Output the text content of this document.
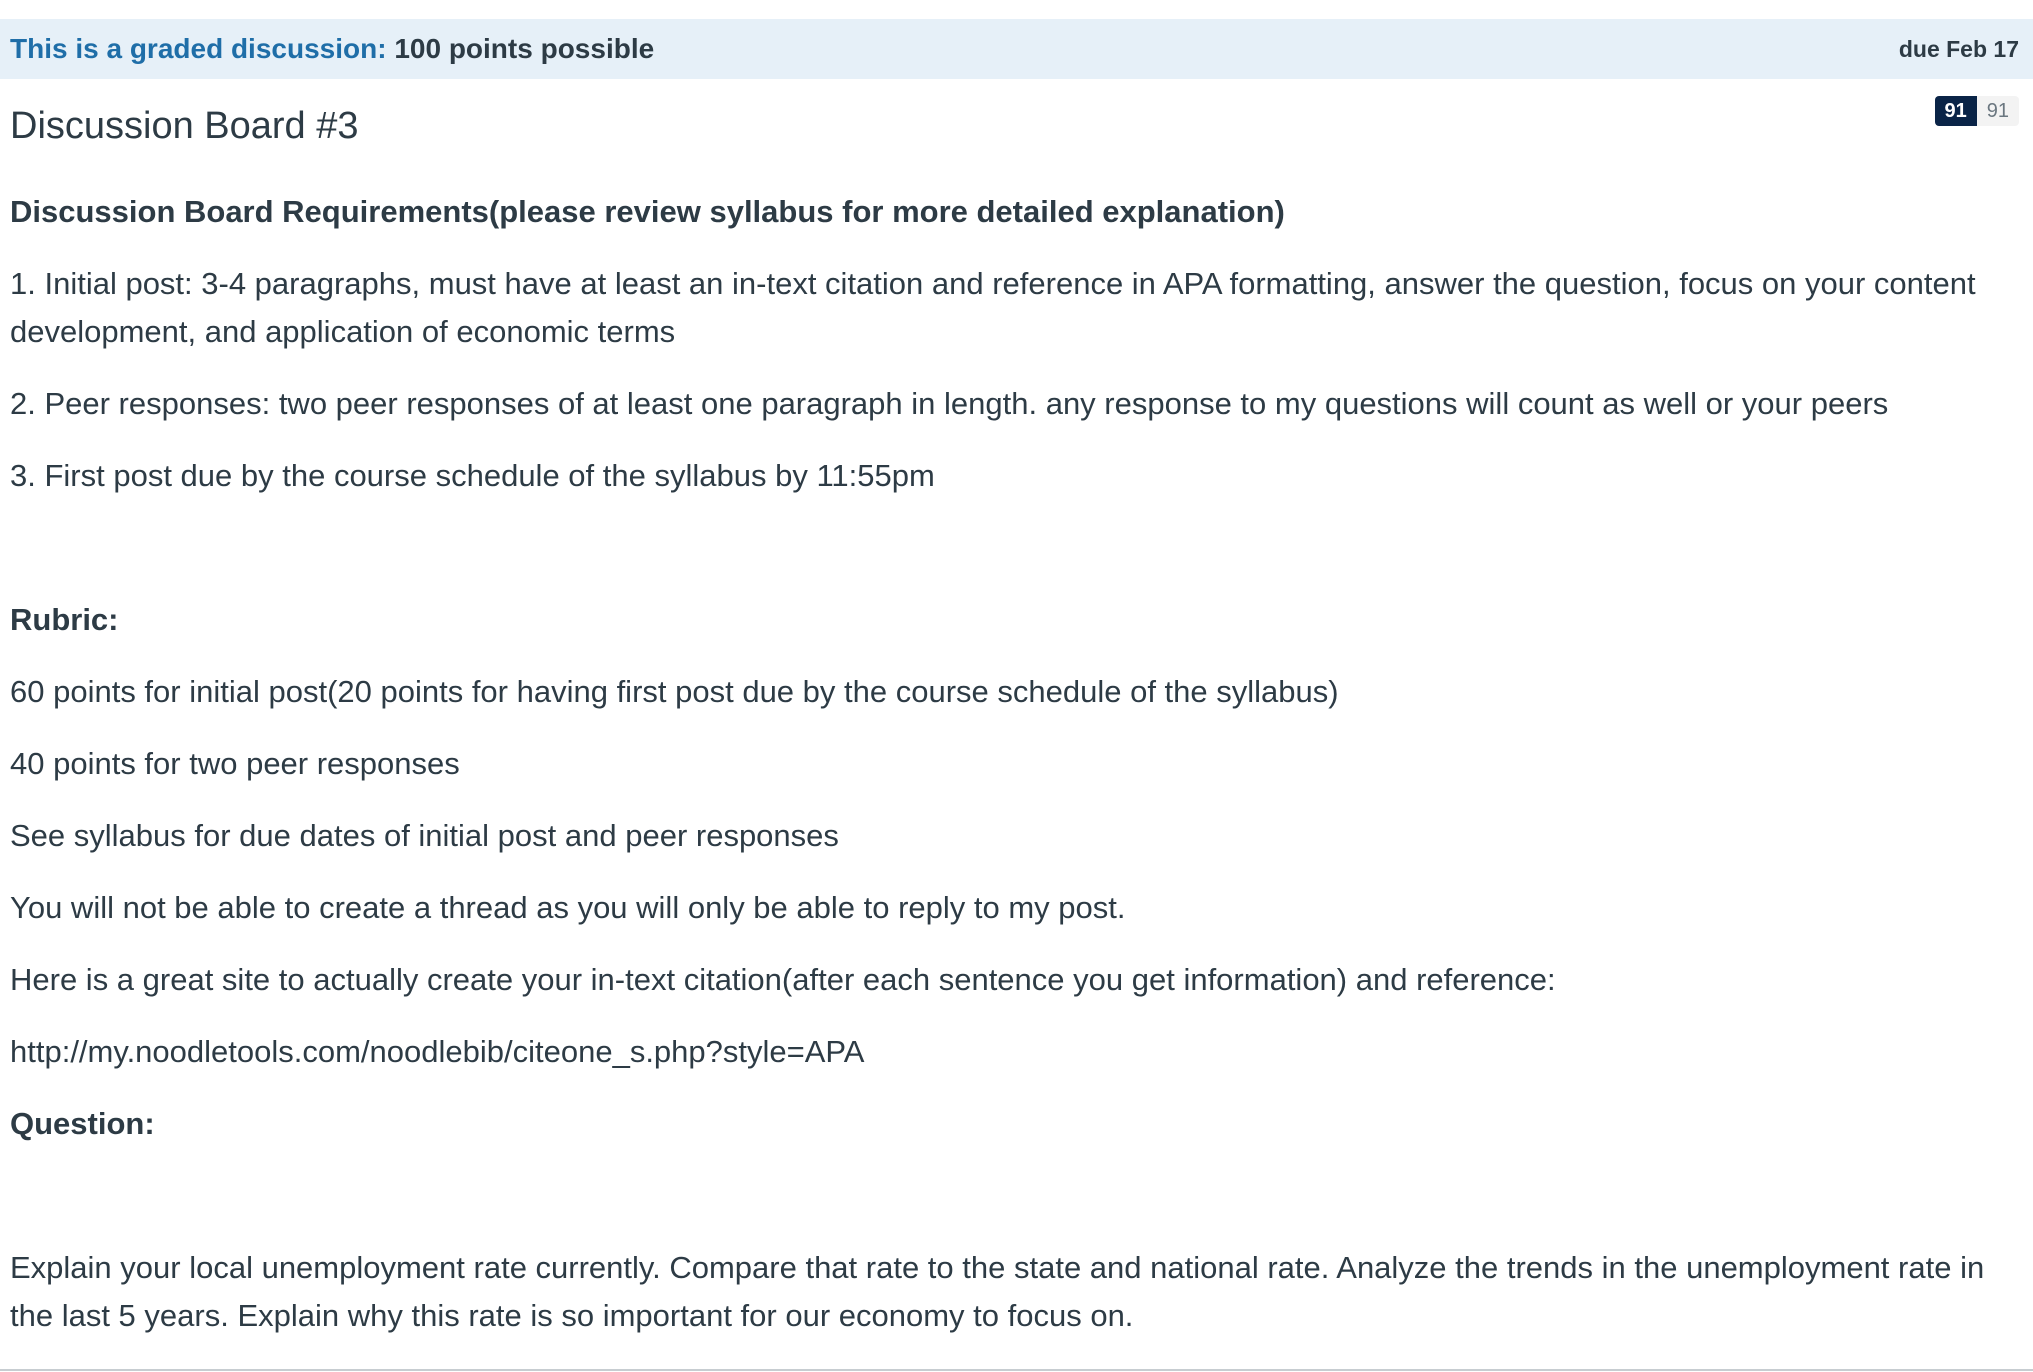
This is a graded discussion: 100 points possible	due Feb 17
Discussion Board #3	91	91

Discussion Board Requirements(please review syllabus for more detailed explanation)

1. Initial post: 3-4 paragraphs, must have at least an in-text citation and reference in APA formatting, answer the question, focus on your content development, and application of economic terms

2. Peer responses: two peer responses of at least one paragraph in length. any response to my questions will count as well or your peers

3. First post due by the course schedule of the syllabus by 11:55pm

Rubric:

60 points for initial post(20 points for having first post due by the course schedule of the syllabus)

40 points for two peer responses

See syllabus for due dates of initial post and peer responses

You will not be able to create a thread as you will only be able to reply to my post.

Here is a great site to actually create your in-text citation(after each sentence you get information) and reference:

http://my.noodletools.com/noodlebib/citeone_s.php?style=APA

Question:

Explain your local unemployment rate currently. Compare that rate to the state and national rate. Analyze the trends in the unemployment rate in the last 5 years. Explain why this rate is so important for our economy to focus on.
